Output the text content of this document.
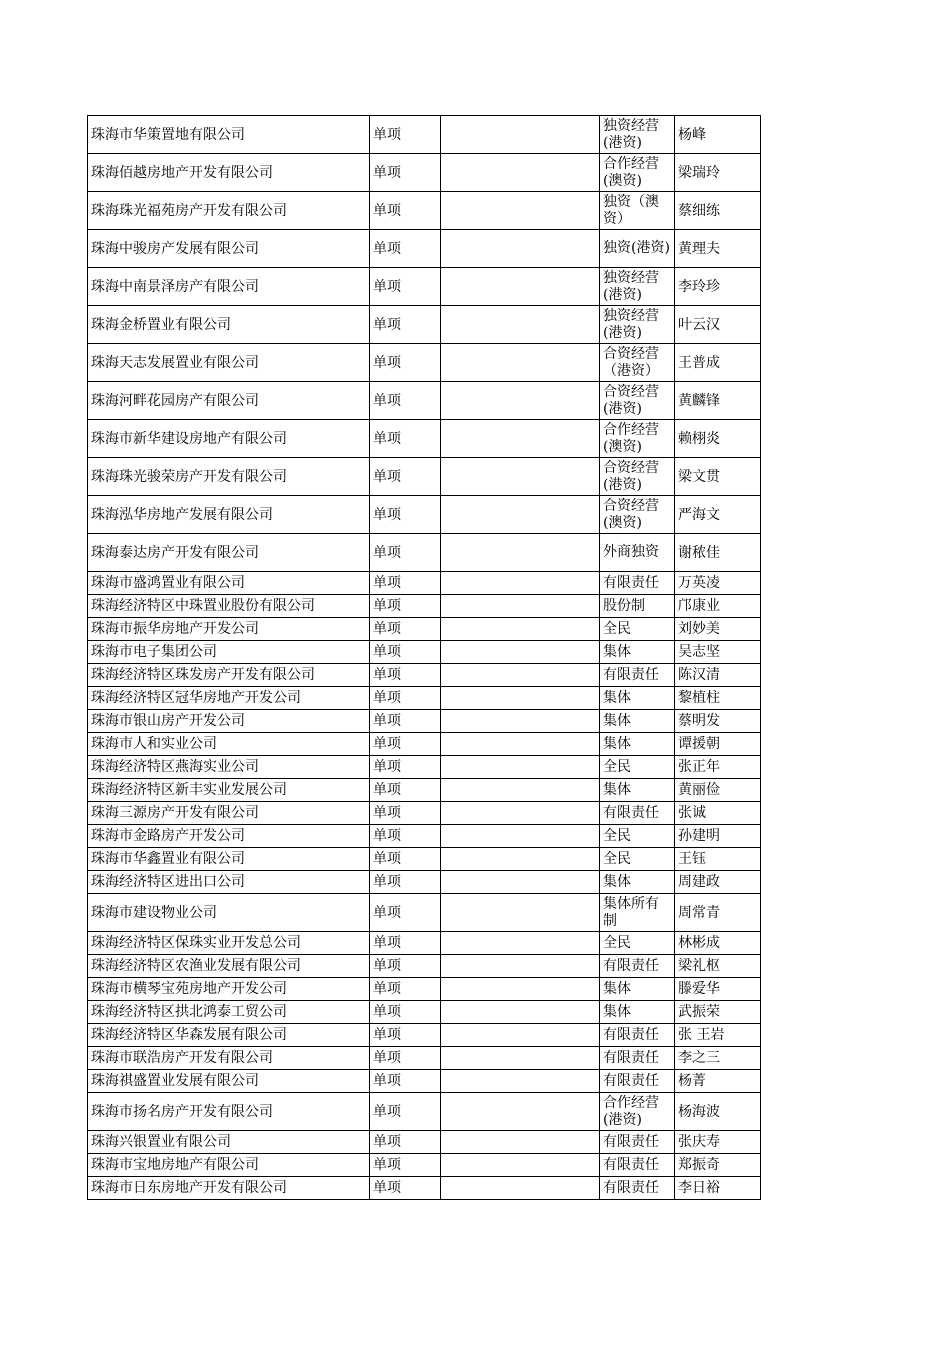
珠海市华策置地有限公司	单项		独资经营(港资)	杨峰
珠海佰越房地产开发有限公司	单项		合作经营(澳资)	梁瑞玲
珠海珠光福苑房产开发有限公司	单项		独资（澳资）	蔡细练
珠海中骏房产发展有限公司	单项		独资(港资)	黄理夫
珠海中南景泽房产有限公司	单项		独资经营(港资)	李玲珍
珠海金桥置业有限公司	单项		独资经营(港资)	叶云汉
珠海天志发展置业有限公司	单项		合资经营（港资）	王普成
珠海河畔花园房产有限公司	单项		合资经营(港资)	黄麟锋
珠海市新华建设房地产有限公司	单项		合作经营(澳资)	赖栩炎
珠海珠光骏荣房产开发有限公司	单项		合资经营(港资)	梁文贯
珠海泓华房地产发展有限公司	单项		合资经营(澳资)	严海文
珠海泰达房产开发有限公司	单项		外商独资	谢秾佳
珠海市盛鸿置业有限公司	单项		有限责任	万英凌
珠海经济特区中珠置业股份有限公司	单项		股份制	邝康业
珠海市振华房地产开发公司	单项		全民	刘妙美
珠海市电子集团公司	单项		集体	吴志坚
珠海经济特区珠发房产开发有限公司	单项		有限责任	陈汉清
珠海经济特区冠华房地产开发公司	单项		集体	黎植柱
珠海市银山房产开发公司	单项		集体	蔡明发
珠海市人和实业公司	单项		集体	谭援朝
珠海经济特区燕海实业公司	单项		全民	张正年
珠海经济特区新丰实业发展公司	单项		集体	黄丽俭
珠海三源房产开发有限公司	单项		有限责任	张诚
珠海市金路房产开发公司	单项		全民	孙建明
珠海市华鑫置业有限公司	单项		全民	王钰
珠海经济特区进出口公司	单项		集体	周建政
珠海市建设物业公司	单项		集体所有制	周常青
珠海经济特区保珠实业开发总公司	单项		全民	林彬成
珠海经济特区农渔业发展有限公司	单项		有限责任	梁礼枢
珠海市横琴宝苑房地产开发公司	单项		集体	滕爱华
珠海经济特区拱北鸿泰工贸公司	单项		集体	武振荣
珠海经济特区华森发展有限公司	单项		有限责任	张 王岩
珠海市联浩房产开发有限公司	单项		有限责任	李之三
珠海祺盛置业发展有限公司	单项		有限责任	杨菁
珠海市扬名房产开发有限公司	单项		合作经营(港资)	杨海波
珠海兴银置业有限公司	单项		有限责任	张庆寿
珠海市宝地房地产有限公司	单项		有限责任	郑振奇
珠海市日东房地产开发有限公司	单项		有限责任	李日裕
